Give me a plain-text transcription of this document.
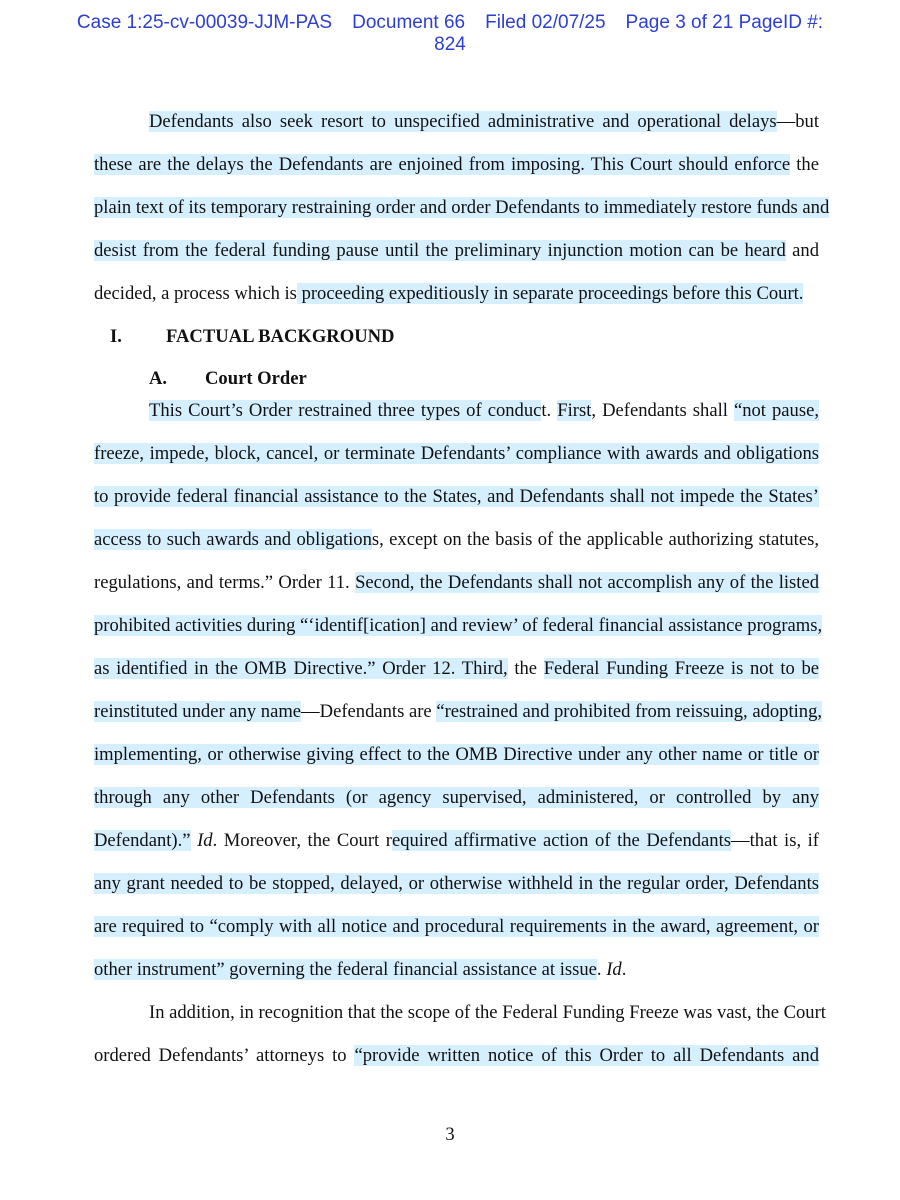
Case 1:25-cv-00039-JJM-PAS Document 66 Filed 02/07/25 Page 3 of 21 PageID #:
824
Defendants also seek resort to unspecified administrative and operational delays—but
these are the delays the Defendants are enjoined from imposing. This Court should enforce the
plain text of its temporary restraining order and order Defendants to immediately restore funds and
desist from the federal funding pause until the preliminary injunction motion can be heard and
decided, a process which is proceeding expeditiously in separate proceedings before this Court.
I. FACTUAL BACKGROUND
A. Court Order
This Court’s Order restrained three types of conduct. First, Defendants shall “not pause,
freeze, impede, block, cancel, or terminate Defendants’ compliance with awards and obligations
to provide federal financial assistance to the States, and Defendants shall not impede the States’
access to such awards and obligations, except on the basis of the applicable authorizing statutes,
regulations, and terms.” Order 11. Second, the Defendants shall not accomplish any of the listed
prohibited activities during “‘identif[ication] and review’ of federal financial assistance programs,
as identified in the OMB Directive.” Order 12. Third, the Federal Funding Freeze is not to be
reinstituted under any name—Defendants are “restrained and prohibited from reissuing, adopting,
implementing, or otherwise giving effect to the OMB Directive under any other name or title or
through any other Defendants (or agency supervised, administered, or controlled by any
Defendant).” Id. Moreover, the Court required affirmative action of the Defendants—that is, if
any grant needed to be stopped, delayed, or otherwise withheld in the regular order, Defendants
are required to “comply with all notice and procedural requirements in the award, agreement, or
other instrument” governing the federal financial assistance at issue. Id.
In addition, in recognition that the scope of the Federal Funding Freeze was vast, the Court
ordered Defendants’ attorneys to “provide written notice of this Order to all Defendants and
3
